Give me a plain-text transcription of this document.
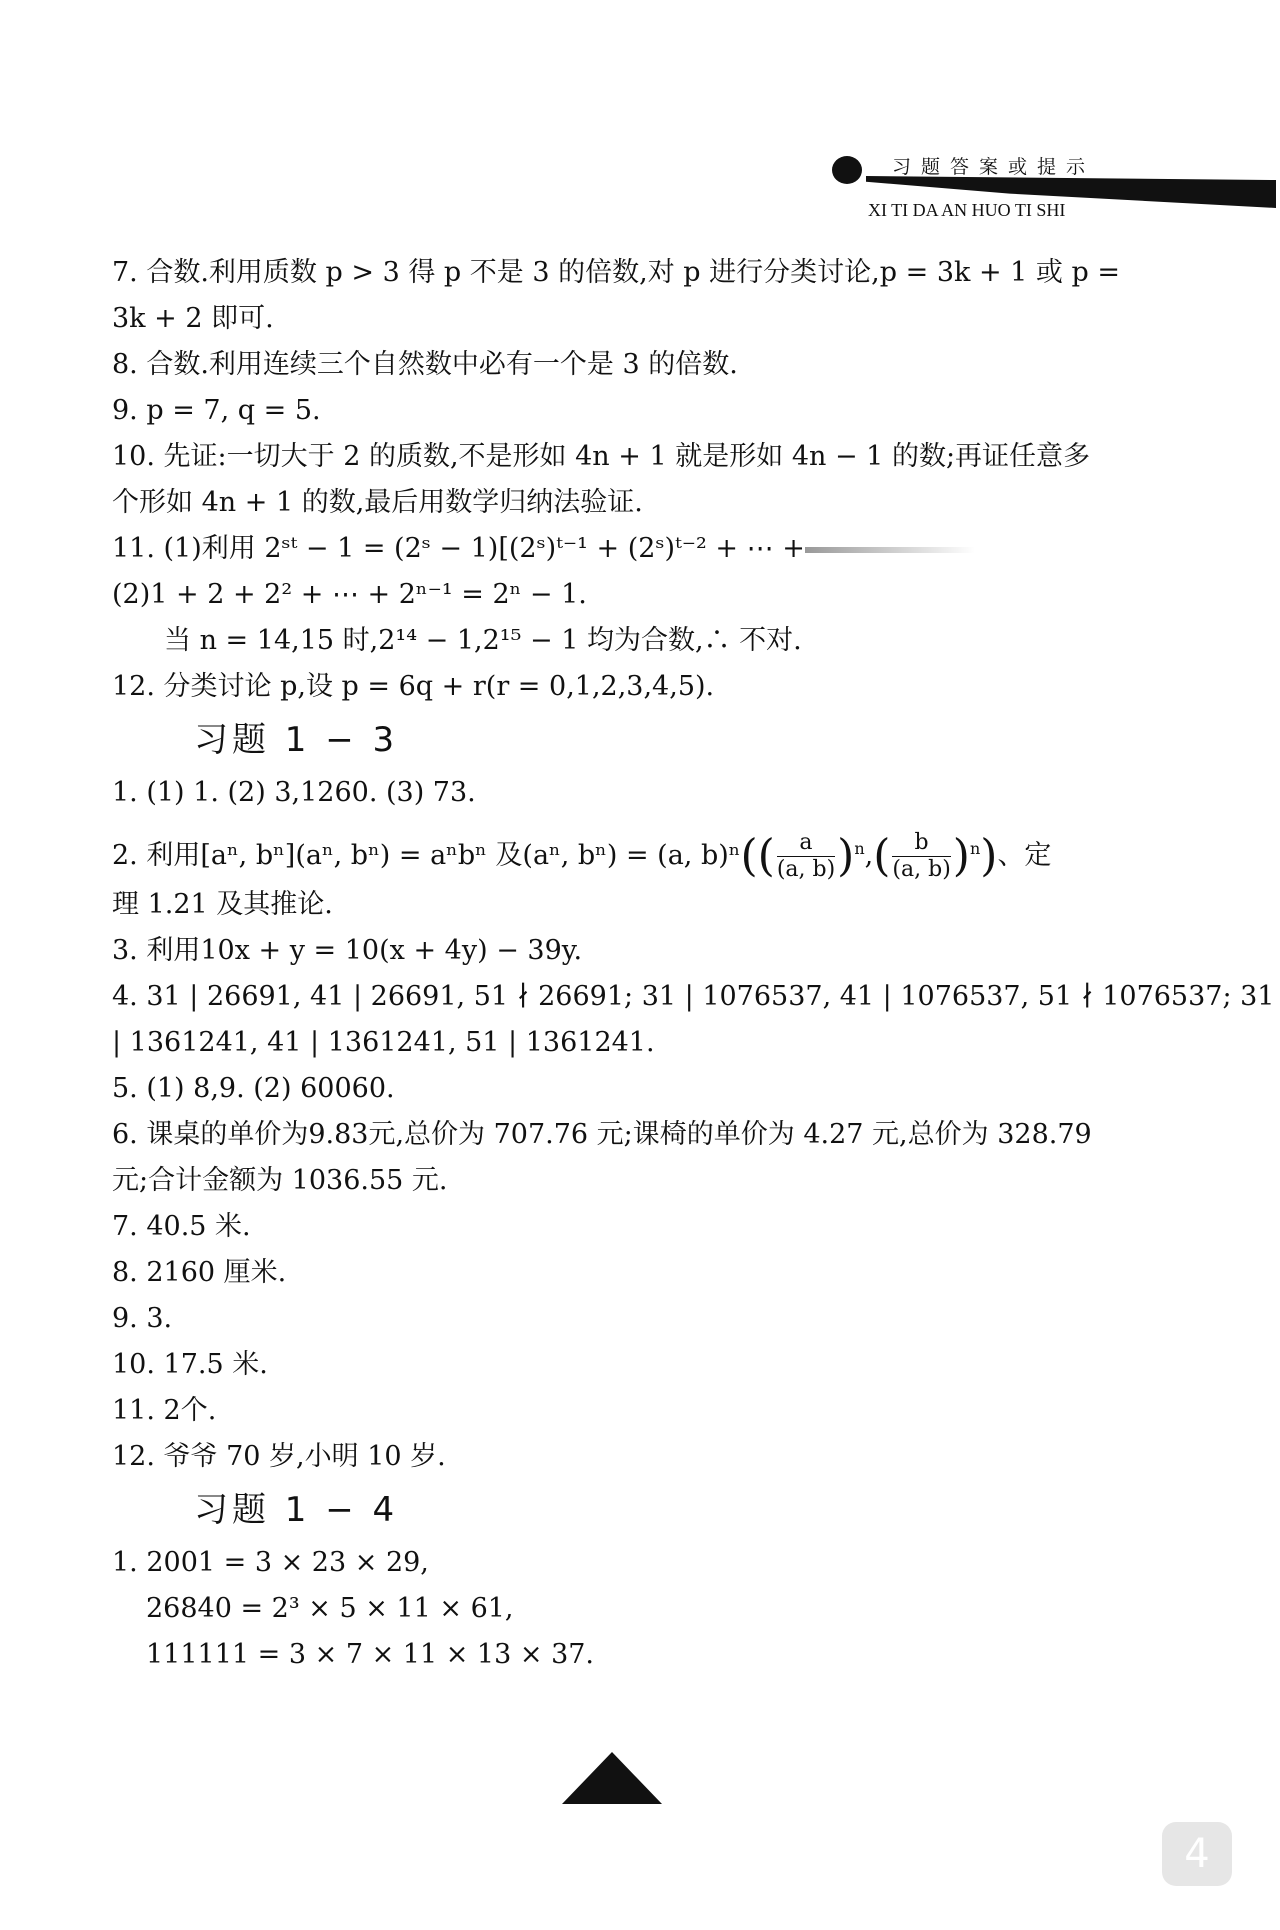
习题答案或提示
XI TI DA AN HUO TI SHI
7. 合数.利用质数 p > 3 得 p 不是 3 的倍数,对 p 进行分类讨论,p = 3k + 1 或 p =
3k + 2 即可.
8. 合数.利用连续三个自然数中必有一个是 3 的倍数.
9. p = 7, q = 5.
10. 先证:一切大于 2 的质数,不是形如 4n + 1 就是形如 4n − 1 的数;再证任意多
个形如 4n + 1 的数,最后用数学归纳法验证.
11. (1)利用 2ˢᵗ − 1 = (2ˢ − 1)[(2ˢ)ᵗ⁻¹ + (2ˢ)ᵗ⁻² + ⋯ +
(2)1 + 2 + 2² + ⋯ + 2ⁿ⁻¹ = 2ⁿ − 1.
当 n = 14,15 时,2¹⁴ − 1,2¹⁵ − 1 均为合数,∴ 不对.
12. 分类讨论 p,设 p = 6q + r(r = 0,1,2,3,4,5).
习题 1 − 3
1. (1) 1. (2) 3,1260. (3) 73.
2. 利用[aⁿ, bⁿ](aⁿ, bⁿ) = aⁿbⁿ 及(aⁿ, bⁿ) = (a, $b)^n(( \frac{a}{(a, b)} )^n,( \frac{b}{(a, b)} )^n)$、定
理 1.21 及其推论.
3. 利用10x + y = 10(x + 4y) − 39y.
4. 31 | 26691, 41 | 26691, 51 ∤ 26691; 31 | 1076537, 41 | 1076537, 51 ∤ 1076537; 31
| 1361241, 41 | 1361241, 51 | 1361241.
5. (1) 8,9. (2) 60060.
6. 课桌的单价为9.83元,总价为 707.76 元;课椅的单价为 4.27 元,总价为 328.79
元;合计金额为 1036.55 元.
7. 40.5 米.
8. 2160 厘米.
9. 3.
10. 17.5 米.
11. 2个.
12. 爷爷 70 岁,小明 10 岁.
习题 1 − 4
1. 2001 = 3 × 23 × 29,
26840 = 2³ × 5 × 11 × 61,
111111 = 3 × 7 × 11 × 13 × 37.
4
